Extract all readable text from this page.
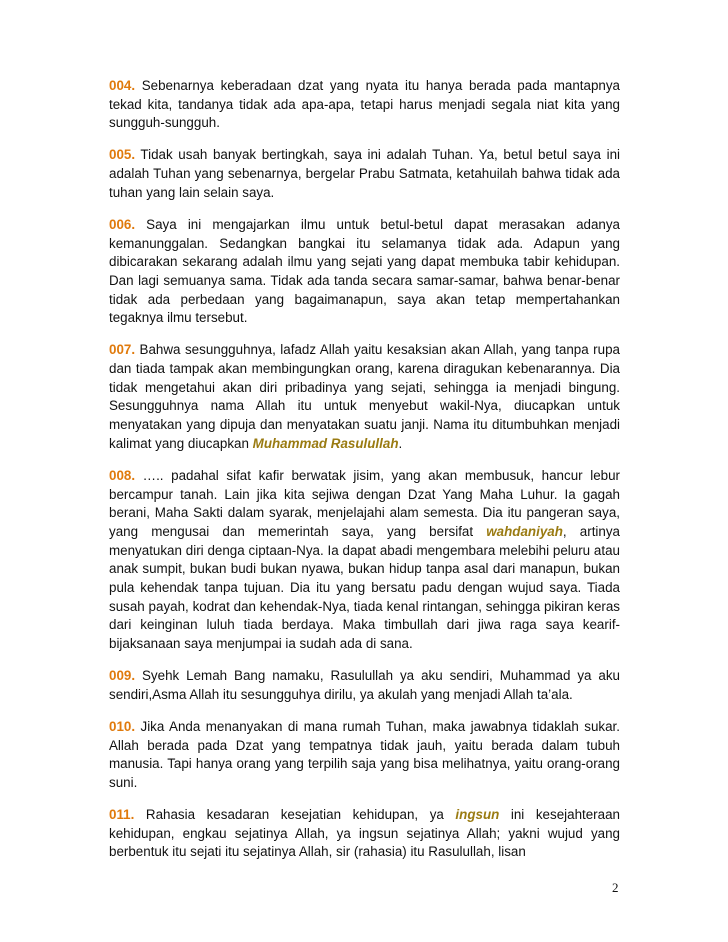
004. Sebenarnya keberadaan dzat yang nyata itu hanya berada pada mantapnya tekad kita, tandanya tidak ada apa-apa, tetapi harus menjadi segala niat kita yang sungguh-sungguh.

005. Tidak usah banyak bertingkah, saya ini adalah Tuhan. Ya, betul betul saya ini adalah Tuhan yang sebenarnya, bergelar Prabu Satmata, ketahuilah bahwa tidak ada tuhan yang lain selain saya.

006. Saya ini mengajarkan ilmu untuk betul-betul dapat merasakan adanya kemanunggalan. Sedangkan bangkai itu selamanya tidak ada. Adapun yang dibicarakan sekarang adalah ilmu yang sejati yang dapat membuka tabir kehidupan. Dan lagi semuanya sama. Tidak ada tanda secara samar-samar, bahwa benar-benar tidak ada perbedaan yang bagaimanapun, saya akan tetap mempertahankan tegaknya ilmu tersebut.

007. Bahwa sesungguhnya, lafadz Allah yaitu kesaksian akan Allah, yang tanpa rupa dan tiada tampak akan membingungkan orang, karena diragukan kebenarannya. Dia tidak mengetahui akan diri pribadinya yang sejati, sehingga ia menjadi bingung. Sesungguhnya nama Allah itu untuk menyebut wakil-Nya, diucapkan untuk menyatakan yang dipuja dan menyatakan suatu janji. Nama itu ditumbuhkan menjadi kalimat yang diucapkan Muhammad Rasulullah.

008. ….. padahal sifat kafir berwatak jisim, yang akan membusuk, hancur lebur bercampur tanah. Lain jika kita sejiwa dengan Dzat Yang Maha Luhur. Ia gagah berani, Maha Sakti dalam syarak, menjelajahi alam semesta. Dia itu pangeran saya, yang mengusai dan memerintah saya, yang bersifat wahdaniyah, artinya menyatukan diri denga ciptaan-Nya. Ia dapat abadi mengembara melebihi peluru atau anak sumpit, bukan budi bukan nyawa, bukan hidup tanpa asal dari manapun, bukan pula kehendak tanpa tujuan. Dia itu yang bersatu padu dengan wujud saya. Tiada susah payah, kodrat dan kehendak-Nya, tiada kenal rintangan, sehingga pikiran keras dari keinginan luluh tiada berdaya. Maka timbullah dari jiwa raga saya kearif-bijaksanaan saya menjumpai ia sudah ada di sana.

009. Syehk Lemah Bang namaku, Rasulullah ya aku sendiri, Muhammad ya aku sendiri,Asma Allah itu sesungguhya dirilu, ya akulah yang menjadi Allah ta’ala.

010. Jika Anda menanyakan di mana rumah Tuhan, maka jawabnya tidaklah sukar. Allah berada pada Dzat yang tempatnya tidak jauh, yaitu berada dalam tubuh manusia. Tapi hanya orang yang terpilih saja yang bisa melihatnya, yaitu orang-orang suni.

011. Rahasia kesadaran kesejatian kehidupan, ya ingsun ini kesejahteraan kehidupan, engkau sejatinya Allah, ya ingsun sejatinya Allah; yakni wujud yang berbentuk itu sejati itu sejatinya Allah, sir (rahasia) itu Rasulullah, lisan

2
